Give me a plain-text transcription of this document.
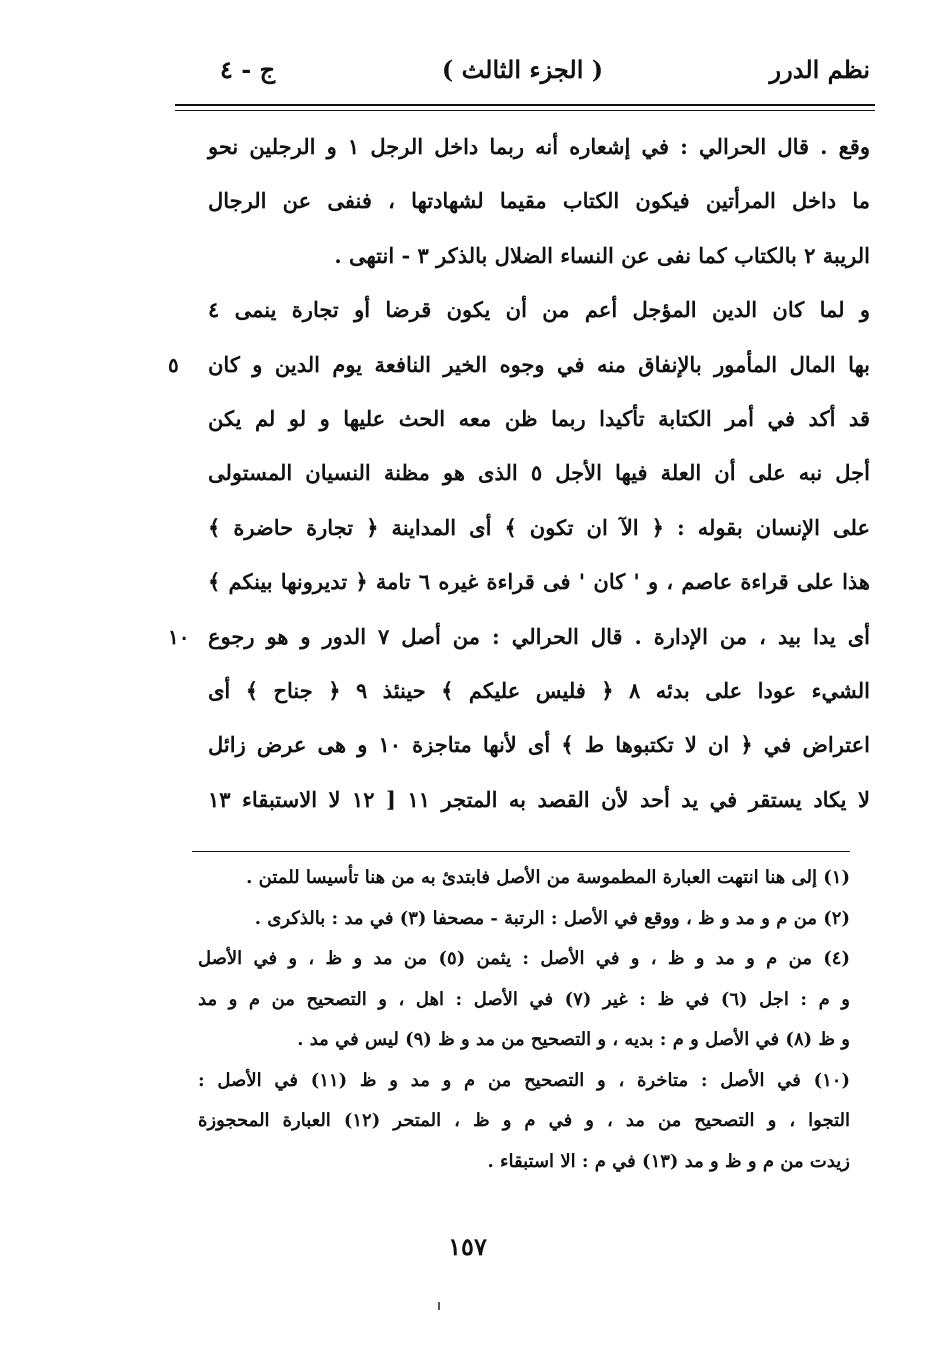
نظم الدرر
( الجزء الثالث )
ج - ٤
وقع . قال الحرالي : في إشعاره أنه ربما داخل الرجل ١ و الرجلين نحو
ما داخل المرأتين فيكون الكتاب مقيما لشهادتها ، فنفى عن الرجال
الريبة ٢ بالكتاب كما نفى عن النساء الضلال بالذكر ٣ - انتهى .
و لما كان الدين المؤجل أعم من أن يكون قرضا أو تجارة ينمى ٤
بها المال المأمور بالإنفاق منه في وجوه الخير النافعة يوم الدين و كان
٥
قد أكد في أمر الكتابة تأكيدا ربما ظن معه الحث عليها و لو لم يكن
أجل نبه على أن العلة فيها الأجل ٥ الذى هو مظنة النسيان المستولى
على الإنسان بقوله : ﴿ الآ ان تكون ﴾ أى المداينة ﴿ تجارة حاضرة ﴾
هذا على قراءة عاصم ، و ' كان ' فى قراءة غيره ٦ تامة ﴿ تديرونها بينكم ﴾
أى يدا بيد ، من الإدارة . قال الحرالي : من أصل ٧ الدور و هو رجوع
١٠
الشيء عودا على بدئه ٨ ﴿ فليس عليكم ﴾ حينئذ ٩ ﴿ جناح ﴾ أى
اعتراض في ﴿ ان لا تكتبوها ط ﴾ أى لأنها متاجزة ١٠ و هى عرض زائل
لا يكاد يستقر في يد أحد لأن القصد به المتجر ١١ [ ١٢ لا الاستبقاء ١٣
(١) إلى هنا انتهت العبارة المطموسة من الأصل فابتدئ به من هنا تأسيسا للمتن .
(٢) من م و مد و ظ ، ووقع في الأصل : الرتبة - مصحفا (٣) في مد : بالذكرى .
(٤) من م و مد و ظ ، و في الأصل : يثمن (٥) من مد و ظ ، و في الأصل
و م : اجل (٦) في ظ : غير (٧) في الأصل : اهل ، و التصحيح من م و مد
و ظ (٨) في الأصل و م : بديه ، و التصحيح من مد و ظ (٩) ليس في مد .
(١٠) في الأصل : متاخرة ، و التصحيح من م و مد و ظ (١١) في الأصل :
التجوا ، و التصحيح من مد ، و في م و ظ ، المتحر (١٢) العبارة المحجوزة
زيدت من م و ظ و مد (١٣) في م : الا استبقاء .
١٥٧
